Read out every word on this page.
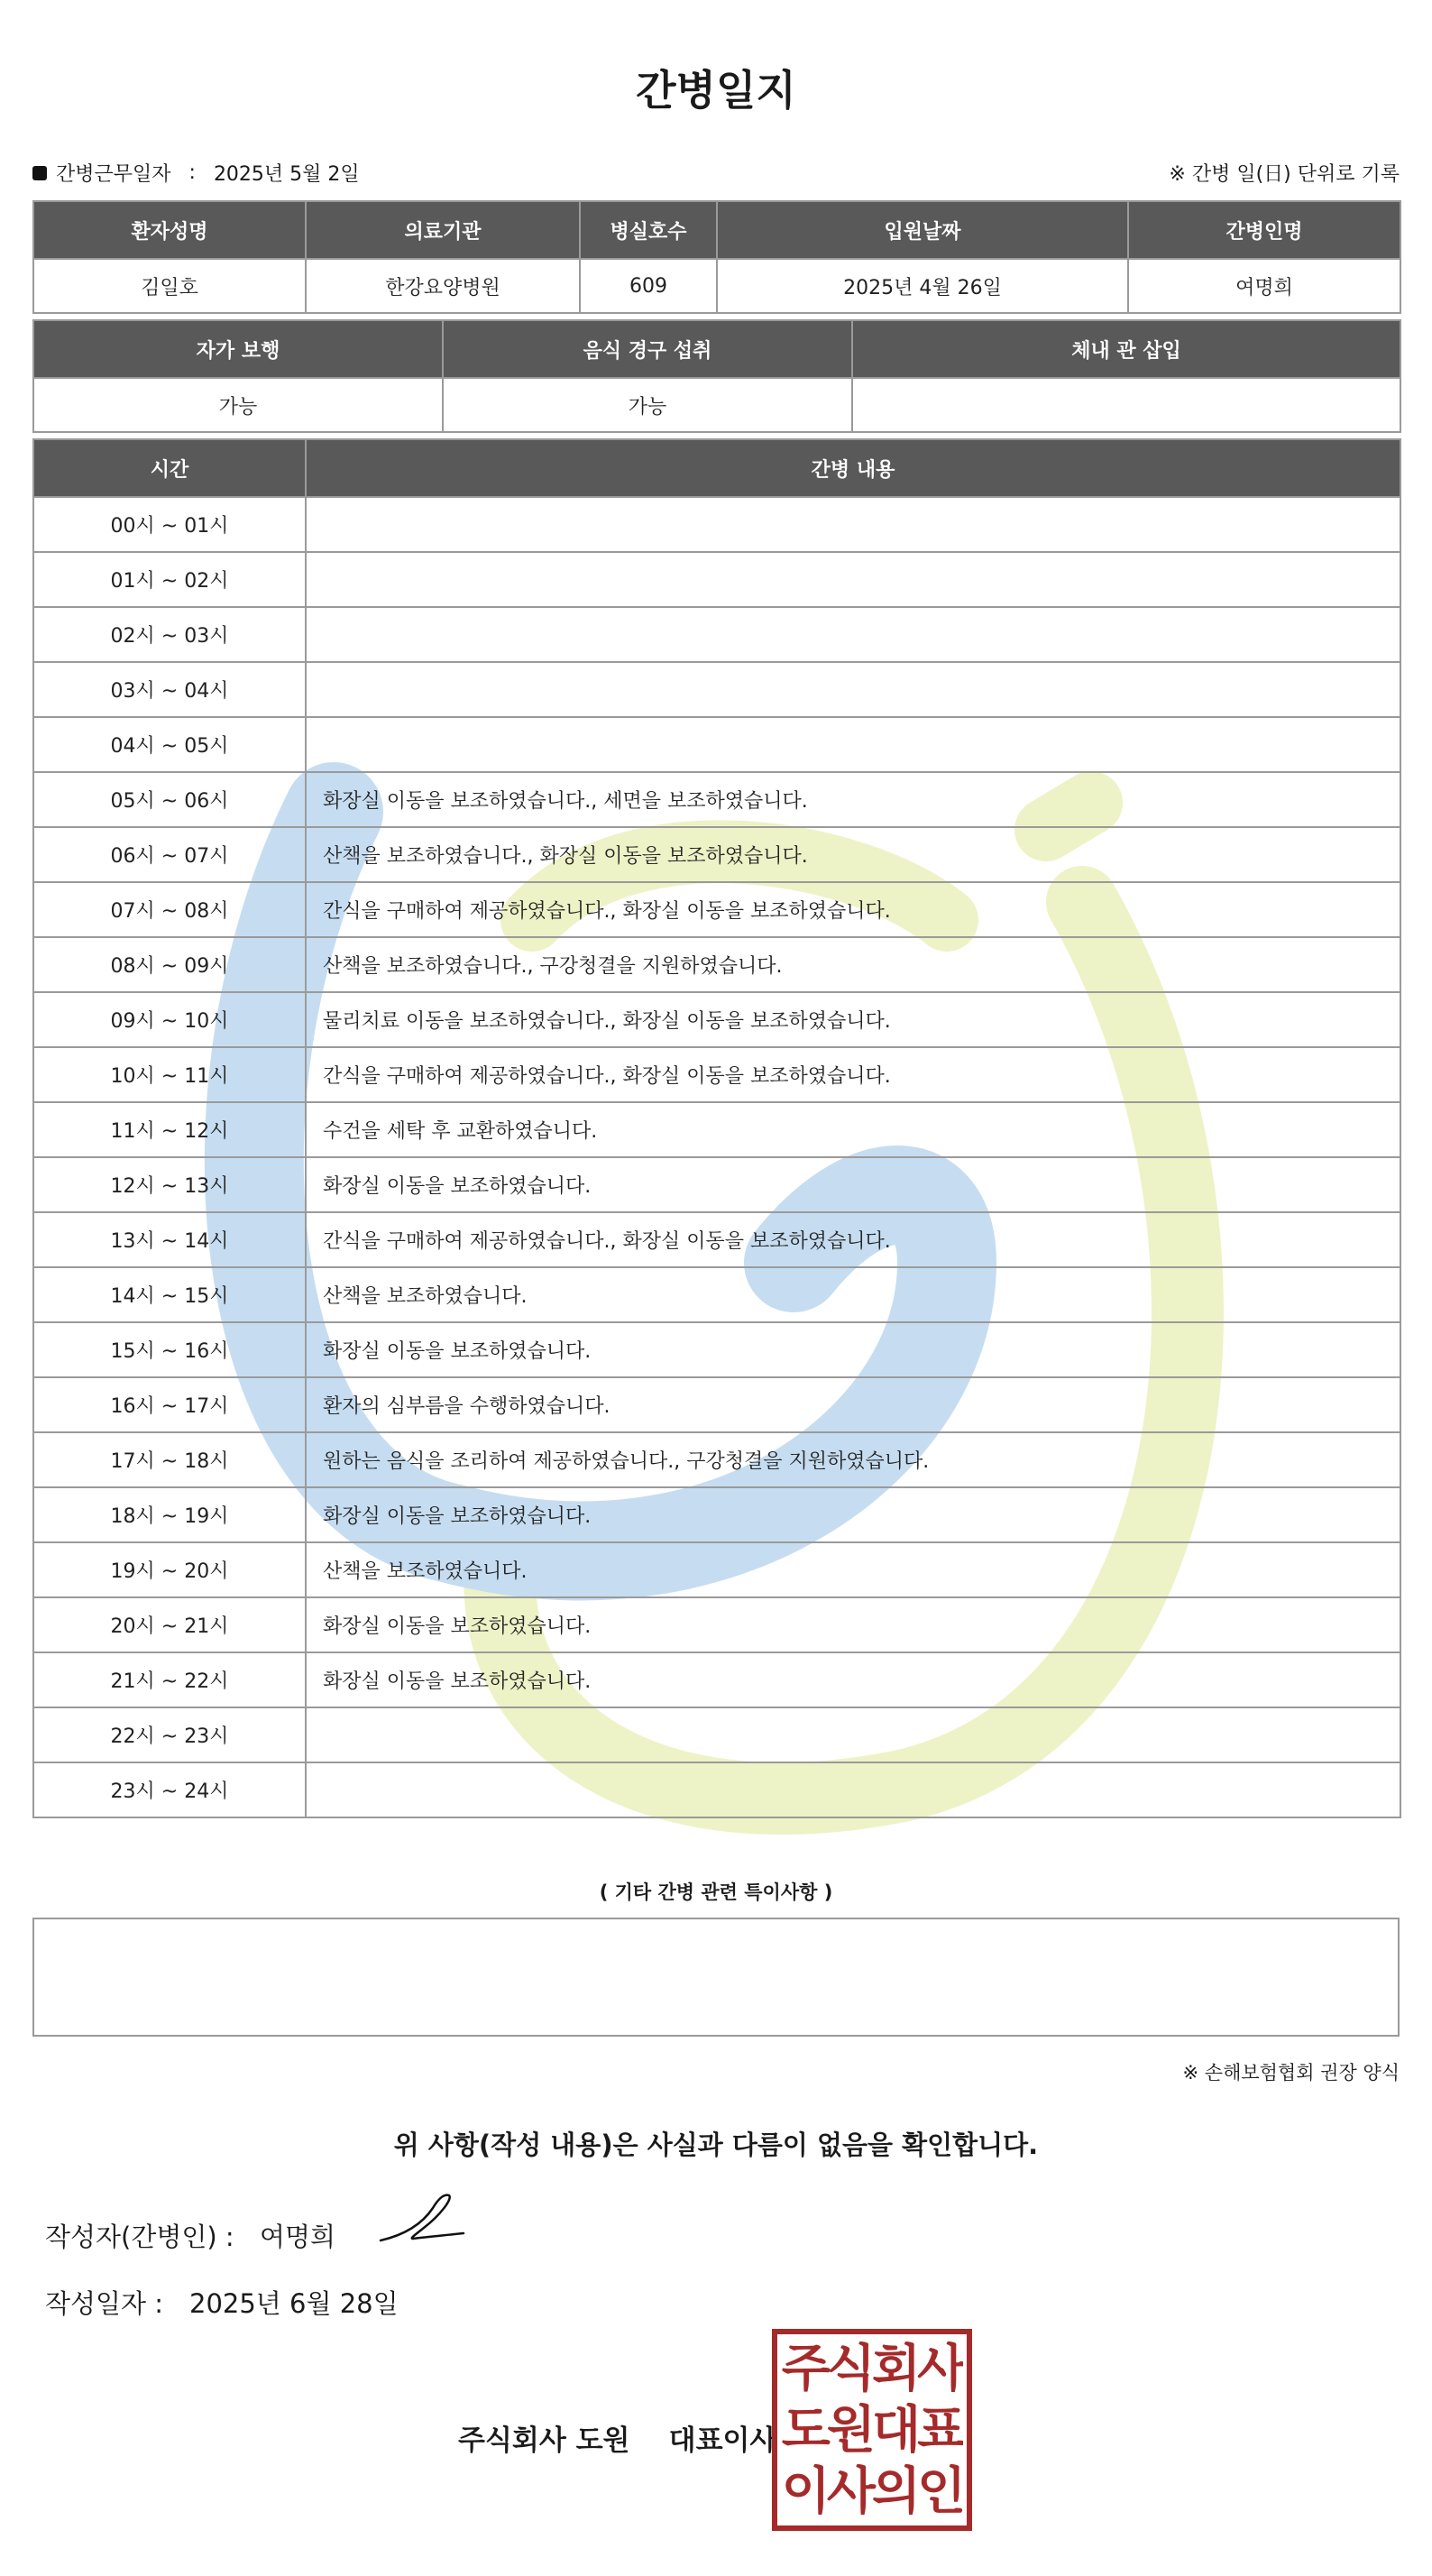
간병일지
간병근무일자 : 2025년 5월 2일	※ 간병 일(日) 단위로 기록
환자성명	의료기관	병실호수	입원날짜	간병인명
김일호	한강요양병원	609	2025년 4월 26일	여명희
자가 보행	음식 경구 섭취	체내 관 삽입
가능	가능	
시간	간병 내용
00시 ~ 01시	
01시 ~ 02시	
02시 ~ 03시	
03시 ~ 04시	
04시 ~ 05시	
05시 ~ 06시	화장실 이동을 보조하였습니다., 세면을 보조하였습니다.
06시 ~ 07시	산책을 보조하였습니다., 화장실 이동을 보조하였습니다.
07시 ~ 08시	간식을 구매하여 제공하였습니다., 화장실 이동을 보조하였습니다.
08시 ~ 09시	산책을 보조하였습니다., 구강청결을 지원하였습니다.
09시 ~ 10시	물리치료 이동을 보조하였습니다., 화장실 이동을 보조하였습니다.
10시 ~ 11시	간식을 구매하여 제공하였습니다., 화장실 이동을 보조하였습니다.
11시 ~ 12시	수건을 세탁 후 교환하였습니다.
12시 ~ 13시	화장실 이동을 보조하였습니다.
13시 ~ 14시	간식을 구매하여 제공하였습니다., 화장실 이동을 보조하였습니다.
14시 ~ 15시	산책을 보조하였습니다.
15시 ~ 16시	화장실 이동을 보조하였습니다.
16시 ~ 17시	환자의 심부름을 수행하였습니다.
17시 ~ 18시	원하는 음식을 조리하여 제공하였습니다., 구강청결을 지원하였습니다.
18시 ~ 19시	화장실 이동을 보조하였습니다.
19시 ~ 20시	산책을 보조하였습니다.
20시 ~ 21시	화장실 이동을 보조하였습니다.
21시 ~ 22시	화장실 이동을 보조하였습니다.
22시 ~ 23시	
23시 ~ 24시	
( 기타 간병 관련 특이사항 )
※ 손해보험협회 권장 양식
위 사항(작성 내용)은 사실과 다름이 없음을 확인합니다.
작성자(간병인) : 여명희
작성일자 : 2025년 6월 28일
주식회사 도원    대표이사
주식회사
도원대표
이사의인
